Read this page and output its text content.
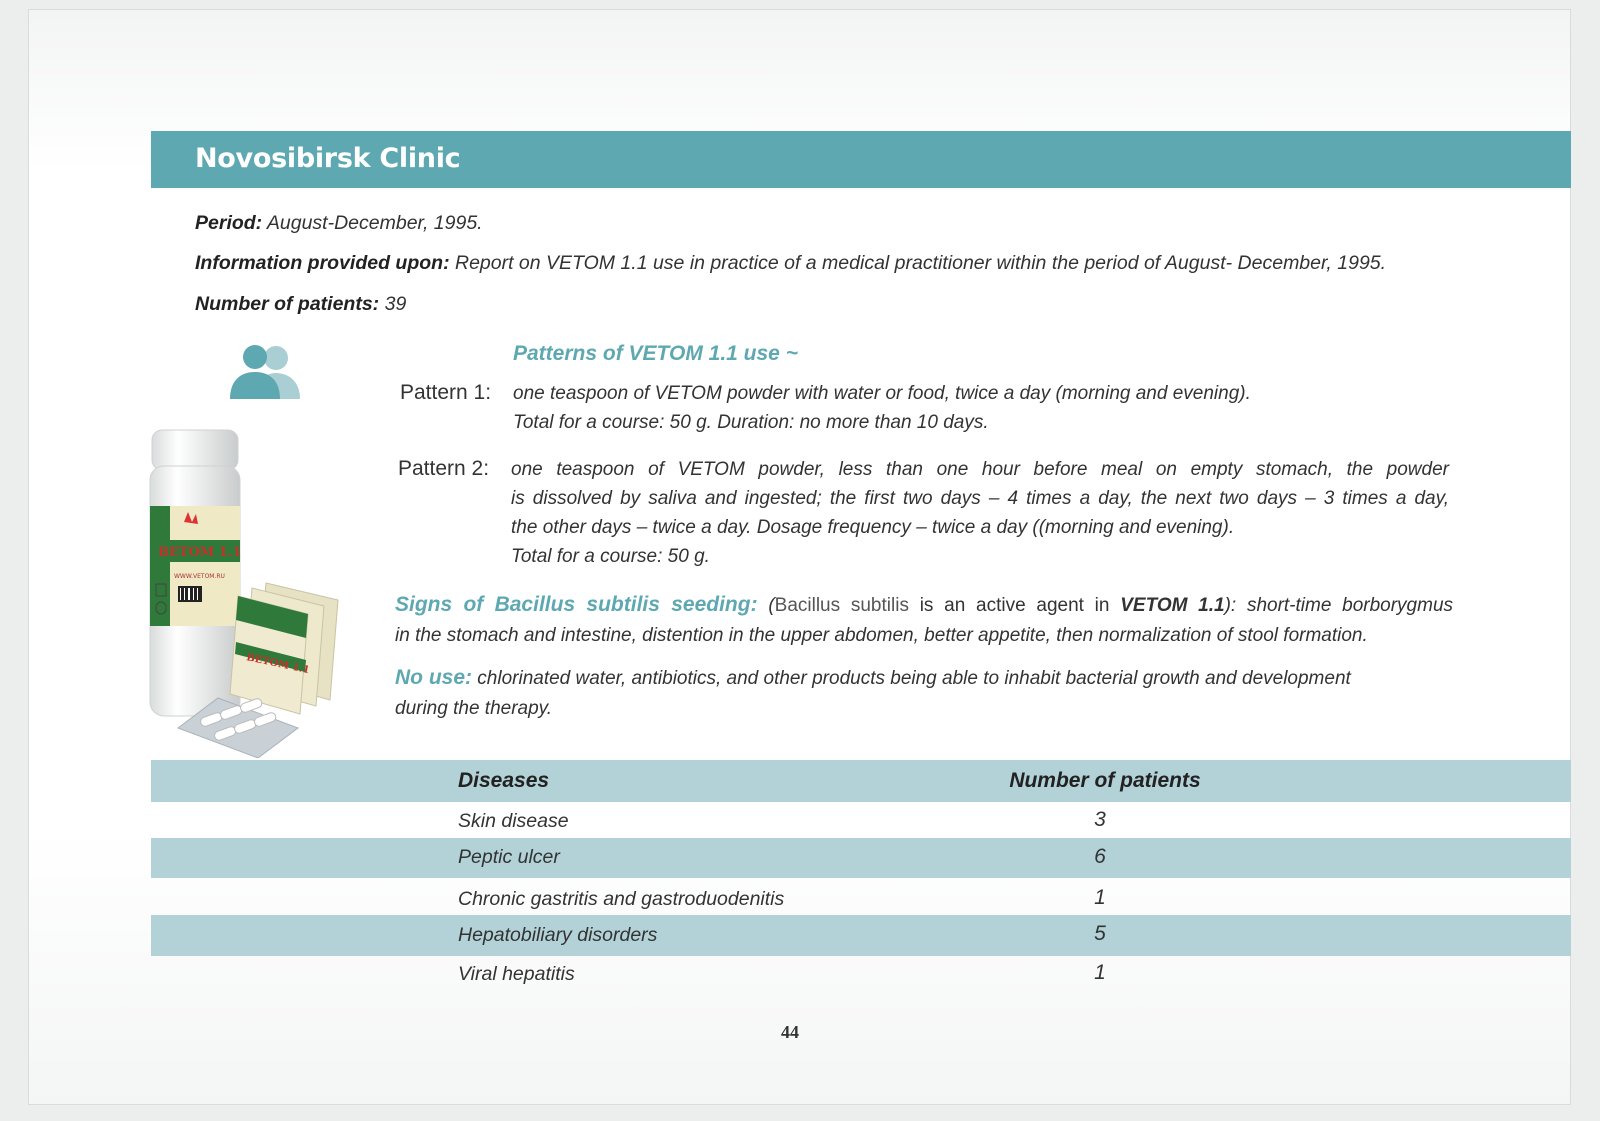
Novosibirsk Clinic
Period: August-December, 1995.
Information provided upon: Report on VETOM 1.1 use in practice of a medical practitioner within the period of August- December, 1995.
Number of patients: 39
ВЕТОМ 1.1
WWW.VETOM.RU
ВЕТОМ 1.1
Patterns of VETOM 1.1 use ~
Pattern 1: one teaspoon of VETOM powder with water or food, twice a day (morning and evening).
Total for a course: 50 g. Duration: no more than 10 days.
Pattern 2: one teaspoon of VETOM powder, less than one hour before meal on empty stomach, the powder
is dissolved by saliva and ingested; the first two days – 4 times a day, the next two days – 3 times a day,
the other days – twice a day. Dosage frequency – twice a day ((morning and evening).
Total for a course: 50 g.
Signs of Bacillus subtilis seeding: (Bacillus subtilis is an active agent in VETOM 1.1): short-time borborygmus
in the stomach and intestine, distention in the upper abdomen, better appetite, then normalization of stool formation.
No use: chlorinated water, antibiotics, and other products being able to inhabit bacterial growth and development
during the therapy.
Diseases	Number of patients
Skin disease	3
Peptic ulcer	6
Chronic gastritis and gastroduodenitis	1
Hepatobiliary disorders	5
Viral hepatitis	1
44
